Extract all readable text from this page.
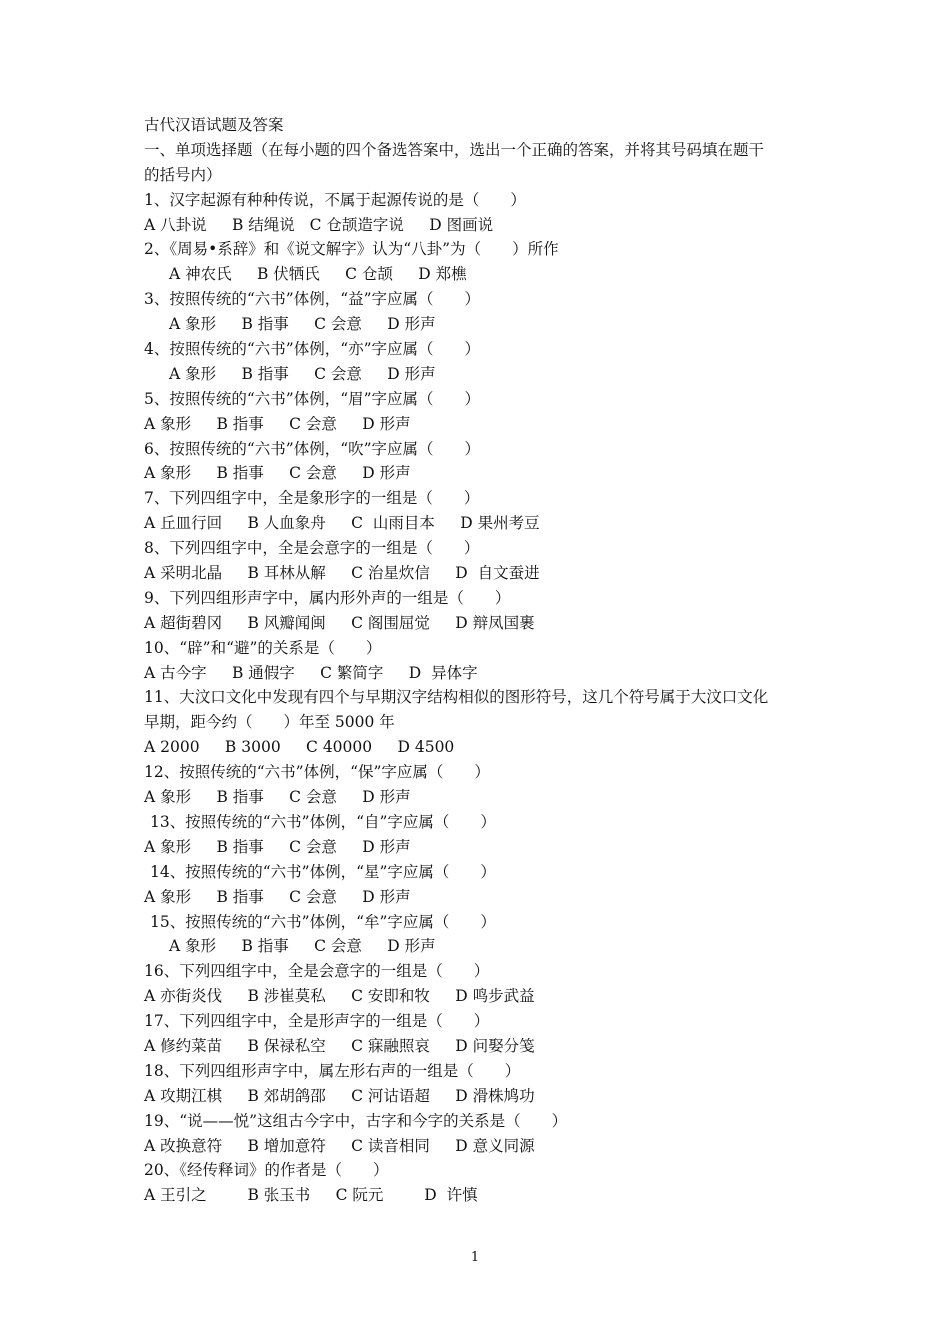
古代汉语试题及答案
一、单项选择题（在每小题的四个备选答案中，选出一个正确的答案，并将其号码填在题干
的括号内）
1、汉字起源有种种传说，不属于起源传说的是（　　）
A 八卦说　  B 结绳说   C 仓颉造字说　  D 图画说
2、《周易•系辞》和《说文解字》认为“八卦”为（　　）所作
A 神农氏　  B 伏牺氏　  C 仓颉　  D 郑樵
3、按照传统的“六书”体例，“益”字应属（　　）
A 象形　  B 指事　  C 会意　  D 形声
4、按照传统的“六书”体例，“亦”字应属（　　）
A 象形　  B 指事　  C 会意　  D 形声
5、按照传统的“六书”体例，“眉”字应属（　　）
A 象形　  B 指事　  C 会意　  D 形声
6、按照传统的“六书”体例，“吹”字应属（　　）
A 象形　  B 指事　  C 会意　  D 形声
7、下列四组字中，全是象形字的一组是（　　）
A 丘皿行回　  B 人血象舟　  C  山雨目本　  D 果州考豆
8、下列四组字中，全是会意字的一组是（　　）
A 采明北晶　  B 耳林从解　  C 治星炊信　  D  自文蚕进
9、下列四组形声字中，属内形外声的一组是（　　）
A 超街碧冈　  B 风瓣闻闽　  C 阁围屈觉　  D 辩凤国裹
10、“辟”和“避”的关系是（　　）
A 古今字　  B 通假字　  C 繁简字　  D  异体字
11、大汶口文化中发现有四个与早期汉字结构相似的图形符号，这几个符号属于大汶口文化
早期，距今约（　　）年至 5000 年
A 2000　  B 3000　  C 40000　  D 4500
12、按照传统的“六书”体例，“保”字应属（　　）
A 象形　  B 指事　  C 会意　  D 形声
13、按照传统的“六书”体例，“自”字应属（　　）
A 象形　  B 指事　  C 会意　  D 形声
14、按照传统的“六书”体例，“星”字应属（　　）
A 象形　  B 指事　  C 会意　  D 形声
15、按照传统的“六书”体例，“牟”字应属（　　）
A 象形　  B 指事　  C 会意　  D 形声
16、下列四组字中，全是会意字的一组是（　　）
A 亦街炎伐　  B 涉崔莫私　  C 安即和牧　  D 鸣步武益
17、下列四组字中，全是形声字的一组是（　　）
A 修约菜苗　  B 保禄私空　  C 寐融照哀　  D 问娶分笺
18、下列四组形声字中，属左形右声的一组是（　　）
A 攻期江棋　  B 郊胡鸽邵　  C 河诂语超　  D 滑株鸠功
19、“说——悦”这组古今字中，古字和今字的关系是（　　）
A 改换意符　  B 增加意符　  C 读音相同　  D 意义同源
20、《经传释词》的作者是（　　）
A 王引之　　  B 张玉书　  C 阮元　　  D  许慎
1
